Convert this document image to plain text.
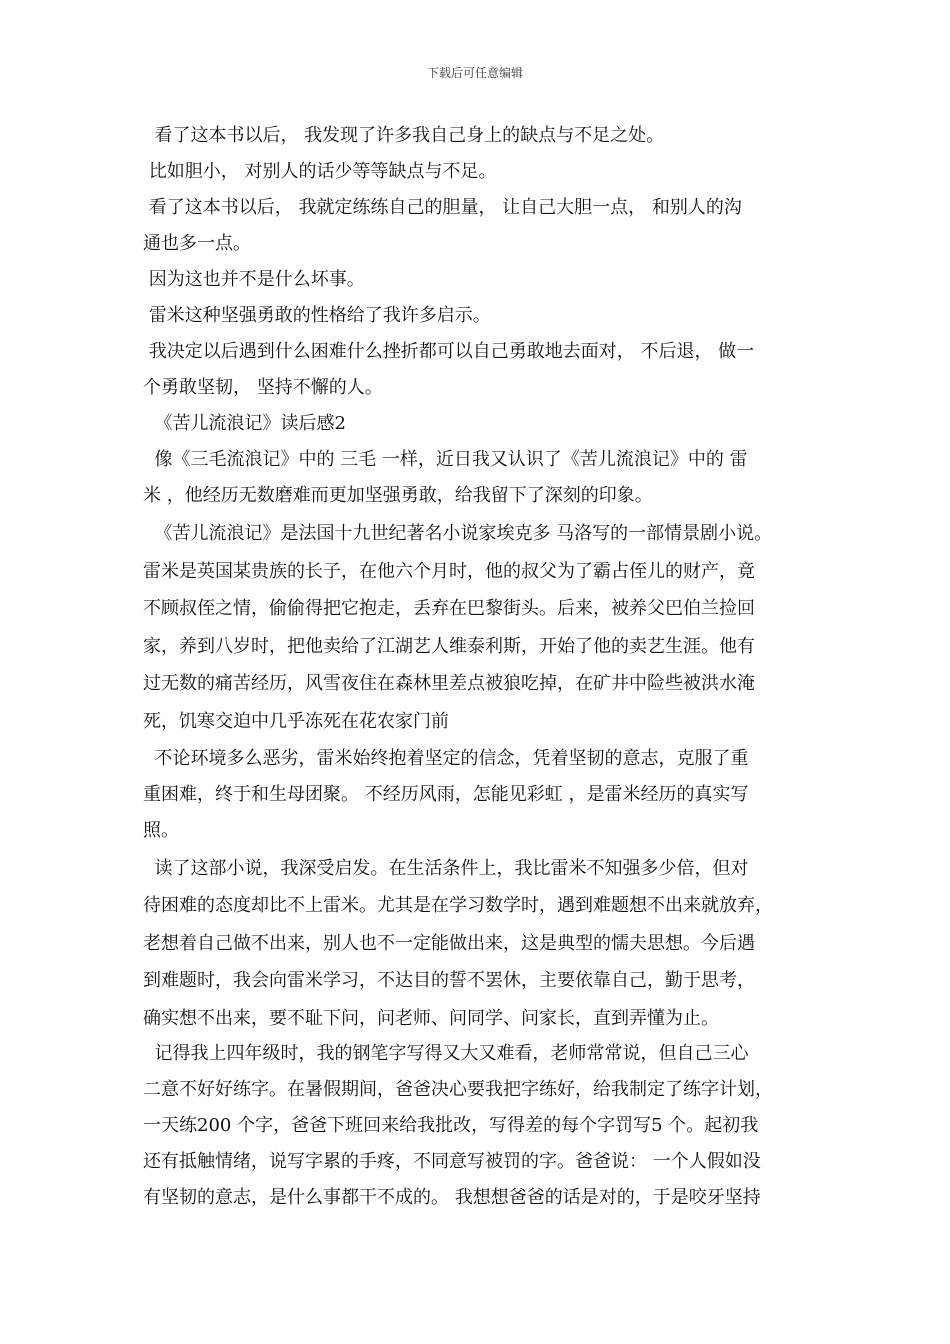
下载后可任意编辑
看了这本书以后， 我发现了许多我自己身上的缺点与不足之处。
比如胆小， 对别人的话少等等缺点与不足。
看了这本书以后， 我就定练练自己的胆量， 让自己大胆一点， 和别人的沟
通也多一点。
因为这也并不是什么坏事。
雷米这种坚强勇敢的性格给了我许多启示。
我决定以后遇到什么困难什么挫折都可以自己勇敢地去面对， 不后退， 做一
个勇敢坚韧， 坚持不懈的人。
《苦儿流浪记》读后感2
像《三毛流浪记》中的 三毛 一样，近日我又认识了《苦儿流浪记》中的 雷
米 ，他经历无数磨难而更加坚强勇敢，给我留下了深刻的印象。
《苦儿流浪记》是法国十九世纪著名小说家埃克多 马洛写的一部情景剧小说。
雷米是英国某贵族的长子，在他六个月时，他的叔父为了霸占侄儿的财产，竟
不顾叔侄之情，偷偷得把它抱走，丢弃在巴黎街头。后来，被养父巴伯兰捡回
家，养到八岁时，把他卖给了江湖艺人维泰利斯，开始了他的卖艺生涯。他有
过无数的痛苦经历，风雪夜住在森林里差点被狼吃掉，在矿井中险些被洪水淹
死，饥寒交迫中几乎冻死在花农家门前
不论环境多么恶劣，雷米始终抱着坚定的信念，凭着坚韧的意志，克服了重
重困难，终于和生母团聚。 不经历风雨，怎能见彩虹 ，是雷米经历的真实写
照。
读了这部小说，我深受启发。在生活条件上，我比雷米不知强多少倍，但对
待困难的态度却比不上雷米。尤其是在学习数学时，遇到难题想不出来就放弃，
老想着自己做不出来，别人也不一定能做出来，这是典型的懦夫思想。今后遇
到难题时，我会向雷米学习，不达目的誓不罢休，主要依靠自己，勤于思考，
确实想不出来，要不耻下问，问老师、问同学、问家长，直到弄懂为止。
记得我上四年级时，我的钢笔字写得又大又难看，老师常常说，但自己三心
二意不好好练字。在暑假期间，爸爸决心要我把字练好，给我制定了练字计划，
一天练200 个字，爸爸下班回来给我批改，写得差的每个字罚写5 个。起初我
还有抵触情绪，说写字累的手疼，不同意写被罚的字。爸爸说： 一个人假如没
有坚韧的意志，是什么事都干不成的。 我想想爸爸的话是对的，于是咬牙坚持
